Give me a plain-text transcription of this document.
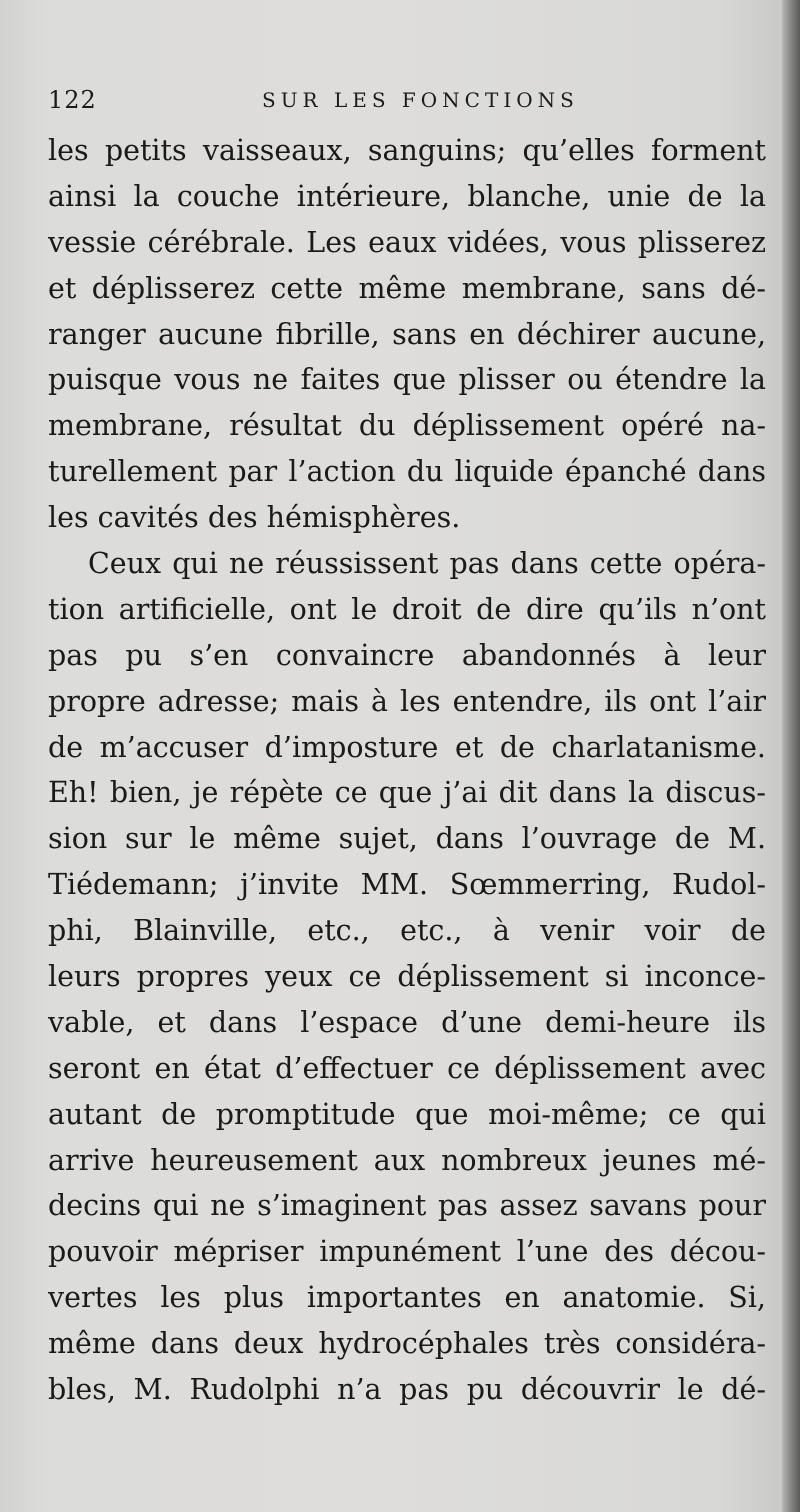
122	SUR LES FONCTIONS
les petits vaisseaux, sanguins; qu’elles forment
ainsi la couche intérieure, blanche, unie de la
vessie cérébrale. Les eaux vidées, vous plisserez
et déplisserez cette même membrane, sans dé-
ranger aucune fibrille, sans en déchirer aucune,
puisque vous ne faites que plisser ou étendre la
membrane, résultat du déplissement opéré na-
turellement par l’action du liquide épanché dans
les cavités des hémisphères.
Ceux qui ne réussissent pas dans cette opéra-
tion artificielle, ont le droit de dire qu’ils n’ont
pas pu s’en convaincre abandonnés à leur
propre adresse; mais à les entendre, ils ont l’air
de m’accuser d’imposture et de charlatanisme.
Eh! bien, je répète ce que j’ai dit dans la discus-
sion sur le même sujet, dans l’ouvrage de M.
Tiédemann; j’invite MM. Sœmmerring, Rudol-
phi, Blainville, etc., etc., à venir voir de
leurs propres yeux ce déplissement si inconce-
vable, et dans l’espace d’une demi-heure ils
seront en état d’effectuer ce déplissement avec
autant de promptitude que moi-même; ce qui
arrive heureusement aux nombreux jeunes mé-
decins qui ne s’imaginent pas assez savans pour
pouvoir mépriser impunément l’une des décou-
vertes les plus importantes en anatomie. Si,
même dans deux hydrocéphales très considéra-
bles, M. Rudolphi n’a pas pu découvrir le dé-
